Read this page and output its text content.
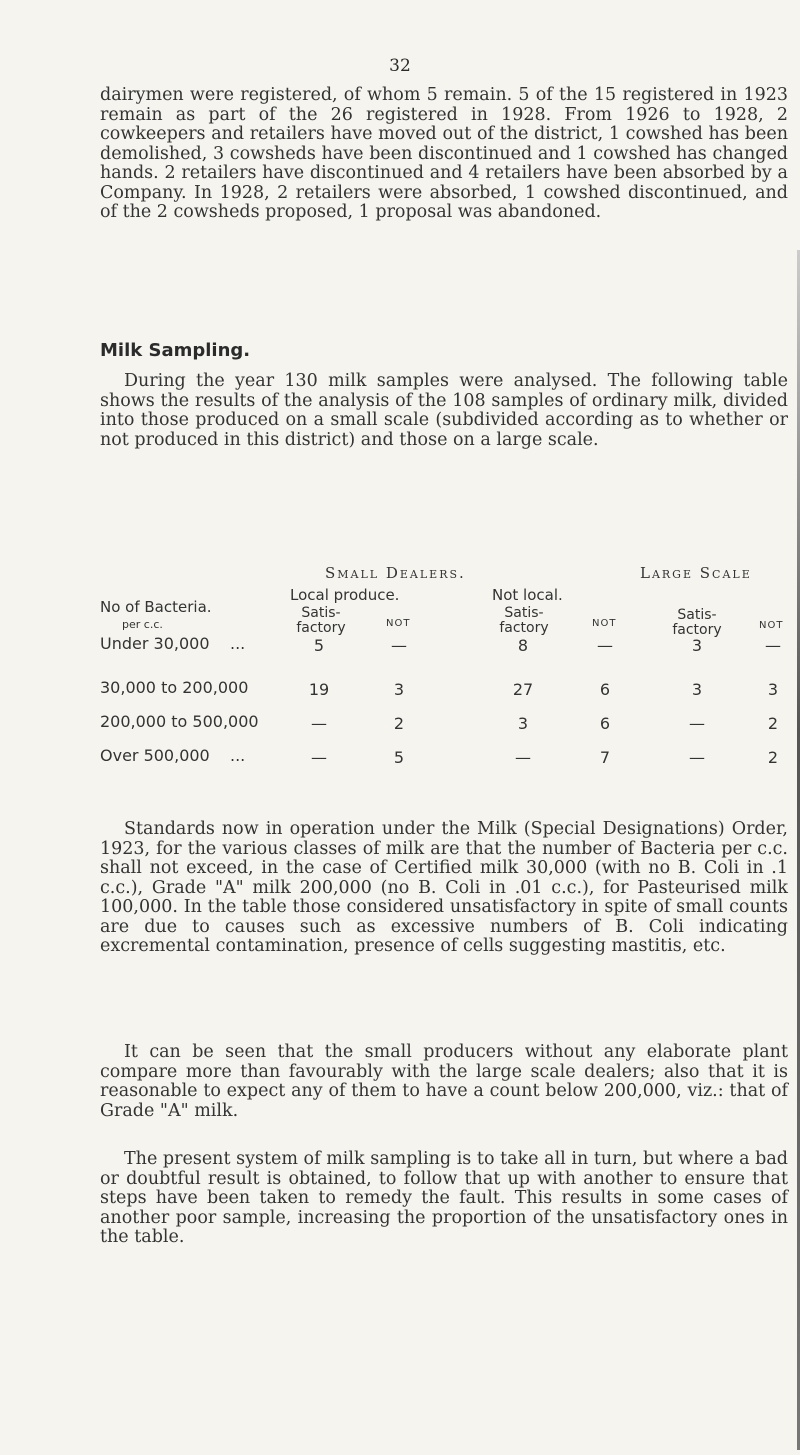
32

dairymen were registered, of whom 5 remain. 5 of the 15 registered in 1923 remain as part of the 26 registered in 1928. From 1926 to 1928, 2 cowkeepers and retailers have moved out of the district, 1 cowshed has been demolished, 3 cowsheds have been discontinued and 1 cowshed has changed hands. 2 retailers have discontinued and 4 retailers have been absorbed by a Company. In 1928, 2 retailers were absorbed, 1 cowshed discontinued, and of the 2 cowsheds proposed, 1 proposal was abandoned.

Milk Sampling.

During the year 130 milk samples were analysed. The following table shows the results of the analysis of the 108 samples of ordinary milk, divided into those produced on a small scale (subdivided according as to whether or not produced in this district) and those on a large scale.

Small Dealers.	Large Scale
Local produce.	Not local.
No of Bacteria.
per c.c.
Satis-
factory	NOT
Satis-
factory	NOT
Satis-
factory	NOT
Under 30,000 ...	5	—	8	—	3	—
30,000 to 200,000	19	3	27	6	3	3
200,000 to 500,000	—	2	3	6	—	2
Over 500,000 ...	—	5	—	7	—	2

Standards now in operation under the Milk (Special Designations) Order, 1923, for the various classes of milk are that the number of Bacteria per c.c. shall not exceed, in the case of Certified milk 30,000 (with no B. Coli in .1 c.c.), Grade "A" milk 200,000 (no B. Coli in .01 c.c.), for Pasteurised milk 100,000. In the table those considered unsatisfactory in spite of small counts are due to causes such as excessive numbers of B. Coli indicating excremental contamination, presence of cells suggesting mastitis, etc.

It can be seen that the small producers without any elaborate plant compare more than favourably with the large scale dealers; also that it is reasonable to expect any of them to have a count below 200,000, viz.: that of Grade "A" milk.

The present system of milk sampling is to take all in turn, but where a bad or doubtful result is obtained, to follow that up with another to ensure that steps have been taken to remedy the fault. This results in some cases of another poor sample, increasing the proportion of the unsatisfactory ones in the table.
